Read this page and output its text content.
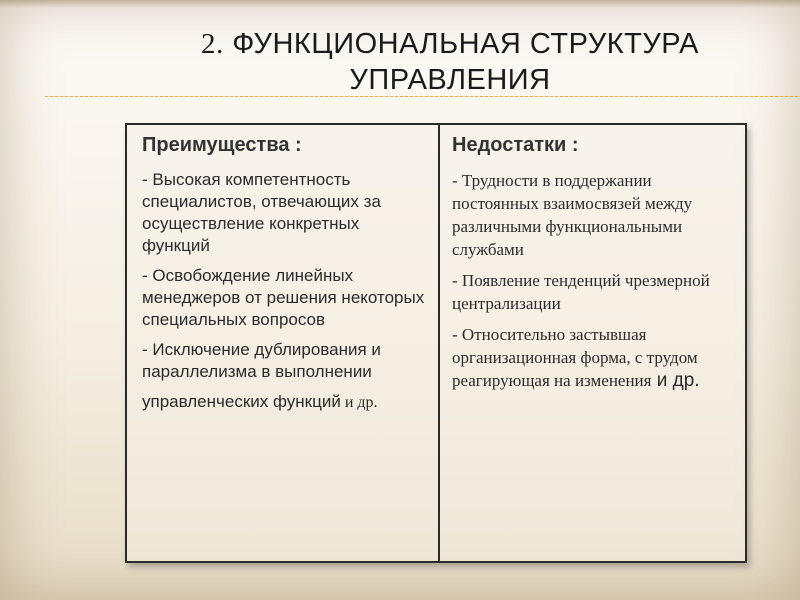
2. ФУНКЦИОНАЛЬНАЯ СТРУКТУРА УПРАВЛЕНИЯ
Преимущества :
- Высокая компетентность специалистов, отвечающих за осуществление конкретных функций
- Освобождение линейных менеджеров от решения некоторых специальных вопросов
- Исключение дублирования и параллелизма в выполнении
управленческих функций и др.
Недостатки :
- Трудности в поддержании постоянных взаимосвязей между различными функциональными службами
- Появление тенденций чрезмерной централизации
- Относительно застывшая организационная форма, с трудом реагирующая на изменения и др.
